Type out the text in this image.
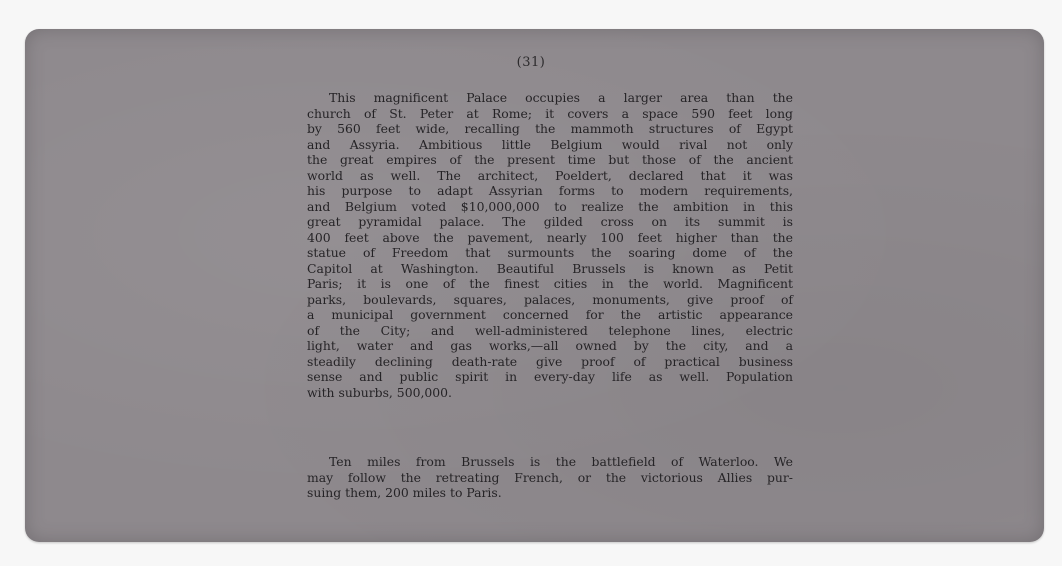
(31)
This magnificent Palace occupies a larger area than the
church of St. Peter at Rome; it covers a space 590 feet long
by 560 feet wide, recalling the mammoth structures of Egypt
and Assyria. Ambitious little Belgium would rival not only
the great empires of the present time but those of the ancient
world as well. The architect, Poeldert, declared that it was
his purpose to adapt Assyrian forms to modern requirements,
and Belgium voted $10,000,000 to realize the ambition in this
great pyramidal palace. The gilded cross on its summit is
400 feet above the pavement, nearly 100 feet higher than the
statue of Freedom that surmounts the soaring dome of the
Capitol at Washington. Beautiful Brussels is known as Petit
Paris; it is one of the finest cities in the world. Magnificent
parks, boulevards, squares, palaces, monuments, give proof of
a municipal government concerned for the artistic appearance
of the City; and well-administered telephone lines, electric
light, water and gas works,—all owned by the city, and a
steadily declining death-rate give proof of practical business
sense and public spirit in every-day life as well. Population
with suburbs, 500,000.
Ten miles from Brussels is the battlefield of Waterloo. We
may follow the retreating French, or the victorious Allies pur-
suing them, 200 miles to Paris.
